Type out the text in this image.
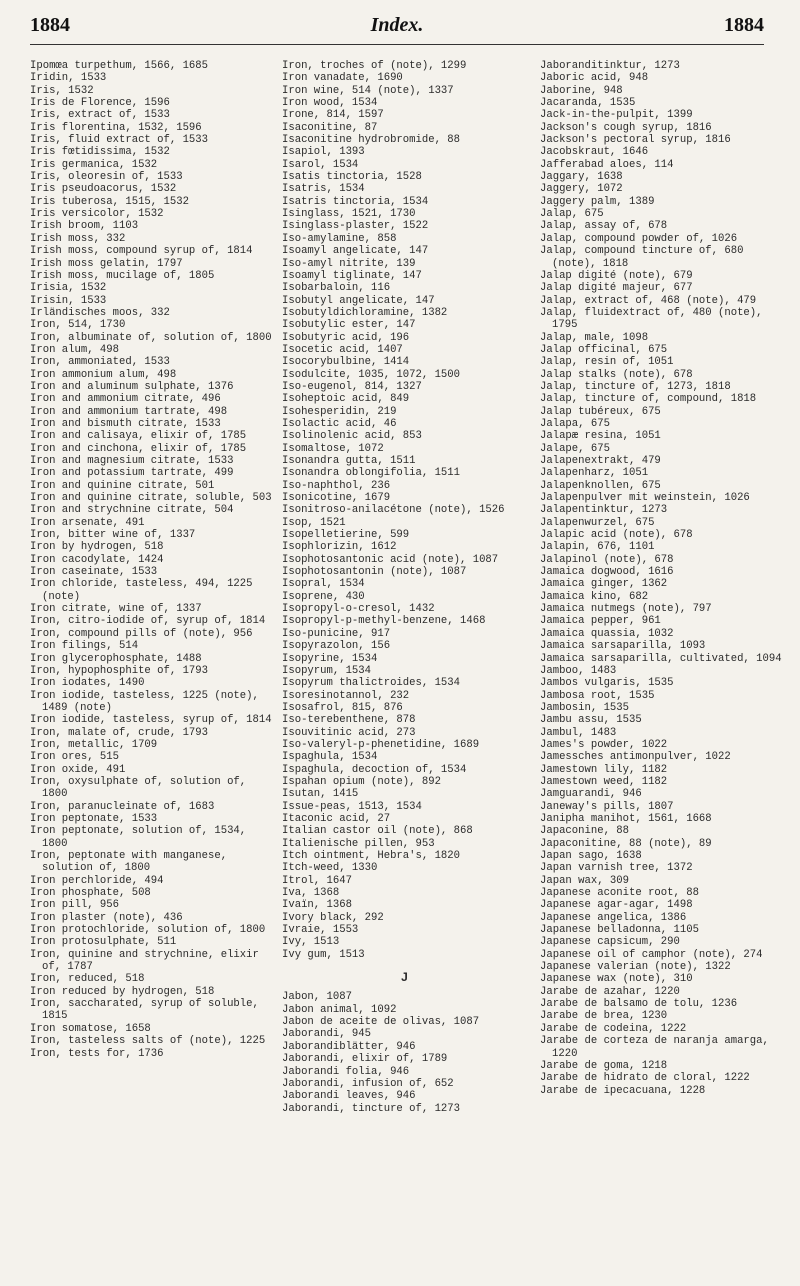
1884	Index.	1884
Ipomœa turpethum, 1566, 1685
Iridin, 1533
Iris, 1532
Iris de Florence, 1596
Iris, extract of, 1533
Iris florentina, 1532, 1596
Iris, fluid extract of, 1533
Iris fœtidissima, 1532
Iris germanica, 1532
Iris, oleoresin of, 1533
Iris pseudoacorus, 1532
Iris tuberosa, 1515, 1532
Iris versicolor, 1532
Irish broom, 1103
Irish moss, 332
Irish moss, compound syrup of, 1814
Irish moss gelatin, 1797
Irish moss, mucilage of, 1805
Irisia, 1532
Irisin, 1533
Irländisches moos, 332
Iron, 514, 1730
Iron, albuminate of, solution of, 1800
Iron alum, 498
Iron, ammoniated, 1533
Iron ammonium alum, 498
Iron and aluminum sulphate, 1376
Iron and ammonium citrate, 496
Iron and ammonium tartrate, 498
Iron and bismuth citrate, 1533
Iron and calisaya, elixir of, 1785
Iron and cinchona, elixir of, 1785
Iron and magnesium citrate, 1533
Iron and potassium tartrate, 499
Iron and quinine citrate, 501
Iron and quinine citrate, soluble, 503
Iron and strychnine citrate, 504
Iron arsenate, 491
Iron, bitter wine of, 1337
Iron by hydrogen, 518
Iron cacodylate, 1424
Iron caseinate, 1533
Iron chloride, tasteless, 494, 1225 (note)
Iron citrate, wine of, 1337
Iron, citro-iodide of, syrup of, 1814
Iron, compound pills of (note), 956
Iron filings, 514
Iron glycerophosphate, 1488
Iron, hypophosphite of, 1793
Iron iodates, 1490
Iron iodide, tasteless, 1225 (note), 1489 (note)
Iron iodide, tasteless, syrup of, 1814
Iron, malate of, crude, 1793
Iron, metallic, 1709
Iron ores, 515
Iron oxide, 491
Iron, oxysulphate of, solution of, 1800
Iron, paranucleinate of, 1683
Iron peptonate, 1533
Iron peptonate, solution of, 1534, 1800
Iron, peptonate with manganese, solution of, 1800
Iron perchloride, 494
Iron phosphate, 508
Iron pill, 956
Iron plaster (note), 436
Iron protochloride, solution of, 1800
Iron protosulphate, 511
Iron, quinine and strychnine, elixir of, 1787
Iron, reduced, 518
Iron reduced by hydrogen, 518
Iron, saccharated, syrup of soluble, 1815
Iron somatose, 1658
Iron, tasteless salts of (note), 1225
Iron, tests for, 1736
Iron, troches of (note), 1299
Iron vanadate, 1690
Iron wine, 514 (note), 1337
Iron wood, 1534
Irone, 814, 1597
Isaconitine, 87
Isaconitine hydrobromide, 88
Isapiol, 1393
Isarol, 1534
Isatis tinctoria, 1528
Isatris, 1534
Isatris tinctoria, 1534
Isinglass, 1521, 1730
Isinglass-plaster, 1522
Iso-amylamine, 858
Isoamyl angelicate, 147
Iso-amyl nitrite, 139
Isoamyl tiglinate, 147
Isobarbaloin, 116
Isobutyl angelicate, 147
Isobutyldichloramine, 1382
Isobutylic ester, 147
Isobutyric acid, 196
Isocetic acid, 1407
Isocorybulbine, 1414
Isodulcite, 1035, 1072, 1500
Iso-eugenol, 814, 1327
Isoheptoic acid, 849
Isohesperidin, 219
Isolactic acid, 46
Isolinolenic acid, 853
Isomaltose, 1072
Isonandra gutta, 1511
Isonandra oblongifolia, 1511
Iso-naphthol, 236
Isonicotine, 1679
Isonitroso-anilacétone (note), 1526
Isop, 1521
Isopelletierine, 599
Isophlorizin, 1612
Isophotosantonic acid (note), 1087
Isophotosantonin (note), 1087
Isopral, 1534
Isoprene, 430
Isopropyl-o-cresol, 1432
Isopropyl-p-methyl-benzene, 1468
Iso-punicine, 917
Isopyrazolon, 156
Isopyrine, 1534
Isopyrum, 1534
Isopyrum thalictroides, 1534
Isoresinotannol, 232
Isosafrol, 815, 876
Iso-terebenthene, 878
Isouvitinic acid, 273
Iso-valeryl-p-phenetidine, 1689
Ispaghula, 1534
Ispaghula, decoction of, 1534
Ispahan opium (note), 892
Isutan, 1415
Issue-peas, 1513, 1534
Itaconic acid, 27
Italian castor oil (note), 868
Italienische pillen, 953
Itch ointment, Hebra's, 1820
Itch-weed, 1330
Itrol, 1647
Iva, 1368
Ivaïn, 1368
Ivory black, 292
Ivraie, 1553
Ivy, 1513
Ivy gum, 1513
J
Jabon, 1087
Jabon animal, 1092
Jabon de aceite de olivas, 1087
Jaborandi, 945
Jaborandiblätter, 946
Jaborandi, elixir of, 1789
Jaborandi folia, 946
Jaborandi, infusion of, 652
Jaborandi leaves, 946
Jaborandi, tincture of, 1273
Jaboranditinktur, 1273
Jaboric acid, 948
Jaborine, 948
Jacaranda, 1535
Jack-in-the-pulpit, 1399
Jackson's cough syrup, 1816
Jackson's pectoral syrup, 1816
Jacobskraut, 1646
Jafferabad aloes, 114
Jaggary, 1638
Jaggery, 1072
Jaggery palm, 1389
Jalap, 675
Jalap, assay of, 678
Jalap, compound powder of, 1026
Jalap, compound tincture of, 680 (note), 1818
Jalap digité (note), 679
Jalap digité majeur, 677
Jalap, extract of, 468 (note), 479
Jalap, fluidextract of, 480 (note), 1795
Jalap, male, 1098
Jalap officinal, 675
Jalap, resin of, 1051
Jalap stalks (note), 678
Jalap, tincture of, 1273, 1818
Jalap, tincture of, compound, 1818
Jalap tubéreux, 675
Jalapa, 675
Jalapæ resina, 1051
Jalape, 675
Jalapenextrakt, 479
Jalapenharz, 1051
Jalapenknollen, 675
Jalapenpulver mit weinstein, 1026
Jalapentinktur, 1273
Jalapenwurzel, 675
Jalapic acid (note), 678
Jalapin, 676, 1101
Jalapinol (note), 678
Jamaica dogwood, 1616
Jamaica ginger, 1362
Jamaica kino, 682
Jamaica nutmegs (note), 797
Jamaica pepper, 961
Jamaica quassia, 1032
Jamaica sarsaparilla, 1093
Jamaica sarsaparilla, cultivated, 1094
Jamboo, 1483
Jambos vulgaris, 1535
Jambosa root, 1535
Jambosin, 1535
Jambu assu, 1535
Jambul, 1483
James's powder, 1022
Jamessches antimonpulver, 1022
Jamestown lily, 1182
Jamestown weed, 1182
Jamguarandi, 946
Janeway's pills, 1807
Janipha manihot, 1561, 1668
Japaconine, 88
Japaconitine, 88 (note), 89
Japan sago, 1638
Japan varnish tree, 1372
Japan wax, 309
Japanese aconite root, 88
Japanese agar-agar, 1498
Japanese angelica, 1386
Japanese belladonna, 1105
Japanese capsicum, 290
Japanese oil of camphor (note), 274
Japanese valerian (note), 1322
Japanese wax (note), 310
Jarabe de azahar, 1220
Jarabe de balsamo de tolu, 1236
Jarabe de brea, 1230
Jarabe de codeina, 1222
Jarabe de corteza de naranja amarga, 1220
Jarabe de goma, 1218
Jarabe de hidrato de cloral, 1222
Jarabe de ipecacuana, 1228
